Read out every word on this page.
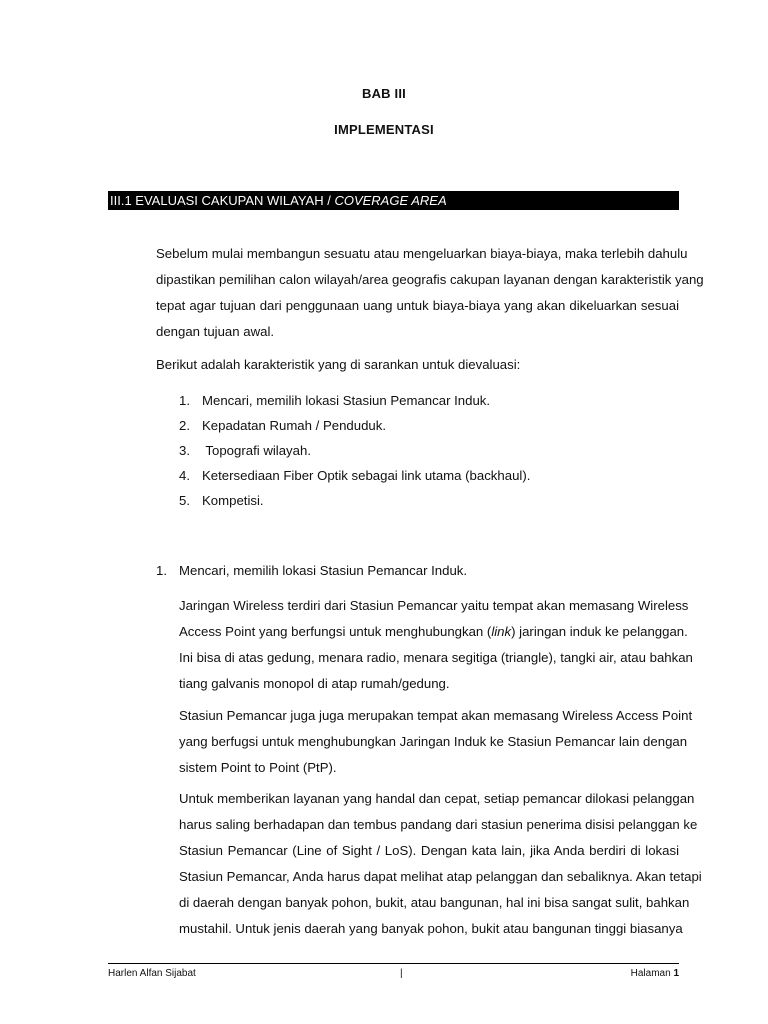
BAB III
IMPLEMENTASI
III.1 EVALUASI CAKUPAN WILAYAH / COVERAGE AREA

Sebelum mulai membangun sesuatu atau mengeluarkan biaya-biaya, maka terlebih dahulu
dipastikan pemilihan calon wilayah/area geografis cakupan layanan dengan karakteristik yang
tepat agar tujuan dari penggunaan uang untuk biaya-biaya yang akan dikeluarkan sesuai
dengan tujuan awal.

Berikut adalah karakteristik yang di sarankan untuk dievaluasi:

1. Mencari, memilih lokasi Stasiun Pemancar Induk.
2. Kepadatan Rumah / Penduduk.
3. Topografi wilayah.
4. Ketersediaan Fiber Optik sebagai link utama (backhaul).
5. Kompetisi.
1. Mencari, memilih lokasi Stasiun Pemancar Induk.

Jaringan Wireless terdiri dari Stasiun Pemancar yaitu tempat akan memasang Wireless
Access Point yang berfungsi untuk menghubungkan (link) jaringan induk ke pelanggan.
Ini bisa di atas gedung, menara radio, menara segitiga (triangle), tangki air, atau bahkan
tiang galvanis monopol di atap rumah/gedung.

Stasiun Pemancar juga juga merupakan tempat akan memasang Wireless Access Point
yang berfugsi untuk menghubungkan Jaringan Induk ke Stasiun Pemancar lain dengan
sistem Point to Point (PtP).

Untuk memberikan layanan yang handal dan cepat, setiap pemancar dilokasi pelanggan
harus saling berhadapan dan tembus pandang dari stasiun penerima disisi pelanggan ke
Stasiun Pemancar (Line of Sight / LoS). Dengan kata lain, jika Anda berdiri di lokasi
Stasiun Pemancar, Anda harus dapat melihat atap pelanggan dan sebaliknya. Akan tetapi
di daerah dengan banyak pohon, bukit, atau bangunan, hal ini bisa sangat sulit, bahkan
mustahil. Untuk jenis daerah yang banyak pohon, bukit atau bangunan tinggi biasanya

Harlen Alfan Sijabat	|	Halaman 1
